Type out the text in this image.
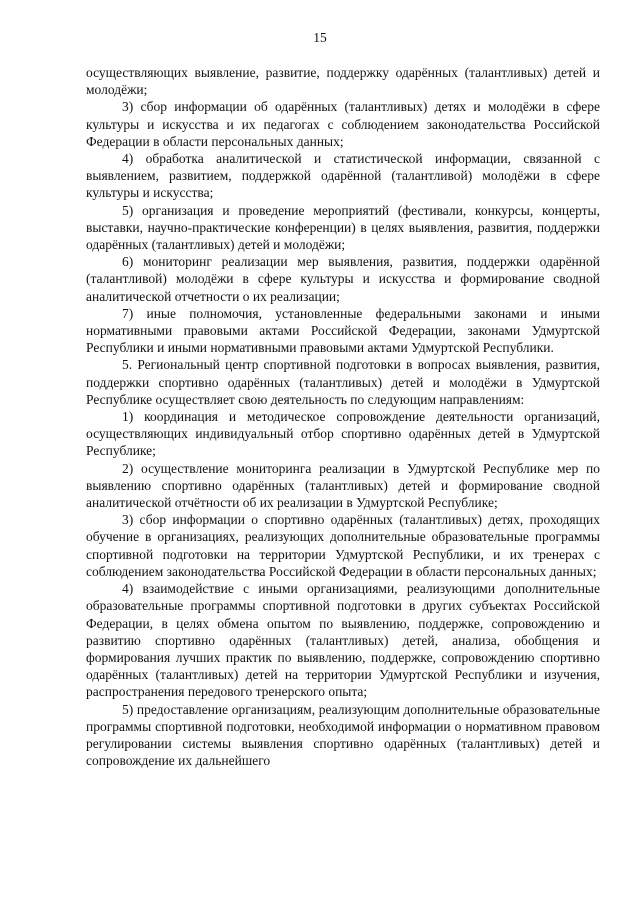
15

осуществляющих выявление, развитие, поддержку одарённых (талантливых) детей и молодёжи;

3) сбор информации об одарённых (талантливых) детях и молодёжи в сфере культуры и искусства и их педагогах с соблюдением законодательства Российской Федерации в области персональных данных;

4) обработка аналитической и статистической информации, связанной с выявлением, развитием, поддержкой одарённой (талантливой) молодёжи в сфере культуры и искусства;

5) организация и проведение мероприятий (фестивали, конкурсы, концерты, выставки, научно-практические конференции) в целях выявления, развития, поддержки одарённых (талантливых) детей и молодёжи;

6) мониторинг реализации мер выявления, развития, поддержки одарённой (талантливой) молодёжи в сфере культуры и искусства и формирование сводной аналитической отчетности о их реализации;

7) иные полномочия, установленные федеральными законами и иными нормативными правовыми актами Российской Федерации, законами Удмуртской Республики и иными нормативными правовыми актами Удмуртской Республики.

5. Региональный центр спортивной подготовки в вопросах выявления, развития, поддержки спортивно одарённых (талантливых) детей и молодёжи в Удмуртской Республике осуществляет свою деятельность по следующим направлениям:

1) координация и методическое сопровождение деятельности организаций, осуществляющих индивидуальный отбор спортивно одарённых детей в Удмуртской Республике;

2) осуществление мониторинга реализации в Удмуртской Республике мер по выявлению спортивно одарённых (талантливых) детей и формирование сводной аналитической отчётности об их реализации в Удмуртской Республике;

3) сбор информации о спортивно одарённых (талантливых) детях, проходящих обучение в организациях, реализующих дополнительные образовательные программы спортивной подготовки на территории Удмуртской Республики, и их тренерах с соблюдением законодательства Российской Федерации в области персональных данных;

4) взаимодействие с иными организациями, реализующими дополнительные образовательные программы спортивной подготовки в других субъектах Российской Федерации, в целях обмена опытом по выявлению, поддержке, сопровождению и развитию спортивно одарённых (талантливых) детей, анализа, обобщения и формирования лучших практик по выявлению, поддержке, сопровождению спортивно одарённых (талантливых) детей на территории Удмуртской Республики и изучения, распространения передового тренерского опыта;

5) предоставление организациям, реализующим дополнительные образовательные программы спортивной подготовки, необходимой информации о нормативном правовом регулировании системы выявления спортивно одарённых (талантливых) детей и сопровождение их дальнейшего
